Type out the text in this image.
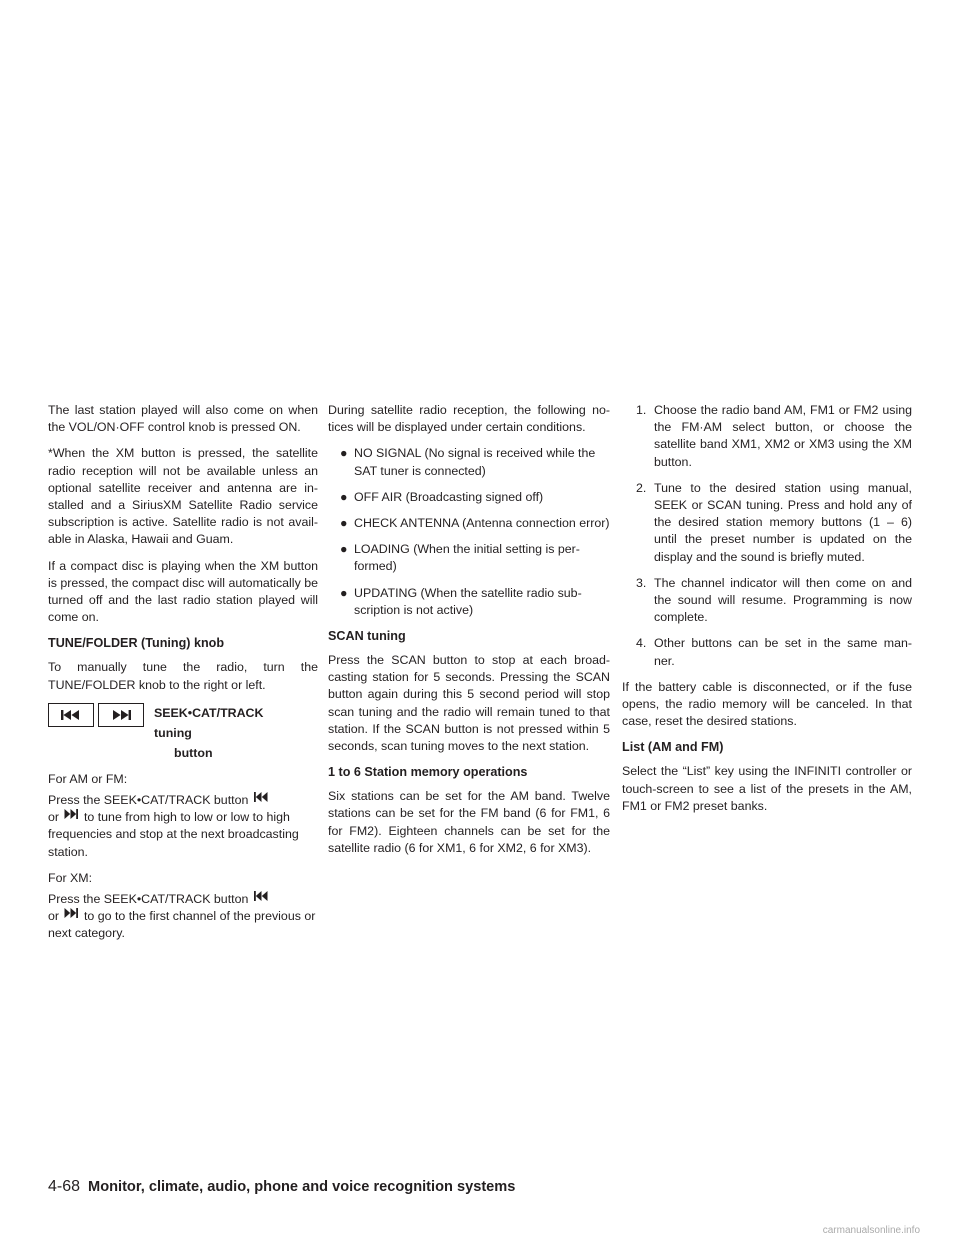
The last station played will also come on when the VOL/ON·OFF control knob is pressed ON.

*When the XM button is pressed, the satellite radio reception will not be available unless an optional satellite receiver and antenna are in- stalled and a SiriusXM Satellite Radio service subscription is active. Satellite radio is not avail- able in Alaska, Hawaii and Guam.

If a compact disc is playing when the XM button is pressed, the compact disc will automatically be turned off and the last radio station played will come on.

TUNE/FOLDER (Tuning) knob

To manually tune the radio, turn the TUNE/FOLDER knob to the right or left.

SEEK•CAT/TRACK tuning
button

For AM or FM:

Press the SEEK•CAT/TRACK button
or to tune from high to low or low to high frequencies and stop at the next broadcasting station.

For XM:

Press the SEEK•CAT/TRACK button
or to go to the first channel of the previous or next category.

During satellite radio reception, the following no- tices will be displayed under certain conditions.

● NO SIGNAL (No signal is received while the SAT tuner is connected)
● OFF AIR (Broadcasting signed off)
● CHECK ANTENNA (Antenna connection error)
● LOADING (When the initial setting is per- formed)
● UPDATING (When the satellite radio sub- scription is not active)
SCAN tuning

Press the SCAN button to stop at each broad- casting station for 5 seconds. Pressing the SCAN button again during this 5 second period will stop scan tuning and the radio will remain tuned to that station. If the SCAN button is not pressed within 5 seconds, scan tuning moves to the next station.

1 to 6 Station memory operations

Six stations can be set for the AM band. Twelve stations can be set for the FM band (6 for FM1, 6 for FM2). Eighteen channels can be set for the satellite radio (6 for XM1, 6 for XM2, 6 for XM3).

1. Choose the radio band AM, FM1 or FM2 using the FM·AM select button, or choose the satellite band XM1, XM2 or XM3 using the XM button.
2. Tune to the desired station using manual, SEEK or SCAN tuning. Press and hold any of the desired station memory buttons (1 – 6) until the preset number is updated on the display and the sound is briefly muted.
3. The channel indicator will then come on and the sound will resume. Programming is now complete.
4. Other buttons can be set in the same man- ner.

If the battery cable is disconnected, or if the fuse opens, the radio memory will be canceled. In that case, reset the desired stations.

List (AM and FM)

Select the “List” key using the INFINITI controller or touch-screen to see a list of the presets in the AM, FM1 or FM2 preset banks.

4-68 Monitor, climate, audio, phone and voice recognition systems
carmanualsonline.info
